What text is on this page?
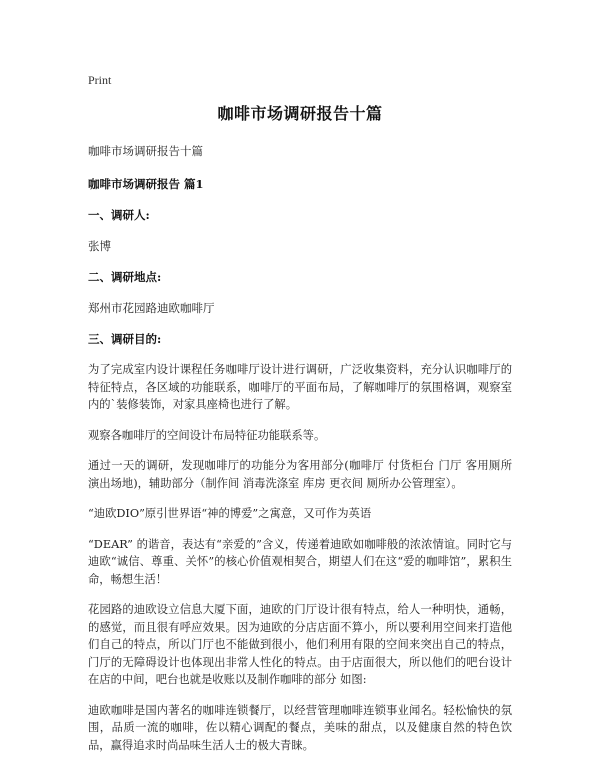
Print
咖啡市场调研报告十篇
咖啡市场调研报告十篇
咖啡市场调研报告 篇1
一、调研人:
张博
二、调研地点:
郑州市花园路迪欧咖啡厅
三、调研目的:
为了完成室内设计课程任务咖啡厅设计进行调研，广泛收集资料，充分认识咖啡厅的特征特点，各区域的功能联系，咖啡厅的平面布局，了解咖啡厅的氛围格调，观察室内的`装修装饰，对家具座椅也进行了解。
观察各咖啡厅的空间设计布局特征功能联系等。
通过一天的调研，发现咖啡厅的功能分为客用部分(咖啡厅 付货柜台 门厅 客用厕所 演出场地)，辅助部分（制作间 消毒洗涤室 库房 更衣间 厕所办公管理室）。
“迪欧DIO”原引世界语“神的博爱”之寓意，又可作为英语
“DEAR” 的谐音，表达有“亲爱的”含义，传递着迪欧如咖啡般的浓浓情谊。同时它与迪欧“诚信、尊重、关怀”的核心价值观相契合，期望人们在这“爱的咖啡馆”，累积生命，畅想生活！
花园路的迪欧设立信息大厦下面，迪欧的门厅设计很有特点，给人一种明快，通畅，的感觉，而且很有呼应效果。因为迪欧的分店店面不算小，所以要利用空间来打造他们自己的特点，所以门厅也不能做到很小，他们利用有限的空间来突出自己的特点，门厅的无障碍设计也体现出非常人性化的特点。由于店面很大，所以他们的吧台设计在店的中间，吧台也就是收账以及制作咖啡的部分 如图:
迪欧咖啡是国内著名的咖啡连锁餐厅，以经营管理咖啡连锁事业闻名。轻松愉快的氛围，品质一流的咖啡，佐以精心调配的餐点，美味的甜点，以及健康自然的特色饮品，赢得追求时尚品味生活人士的极大青睐。
